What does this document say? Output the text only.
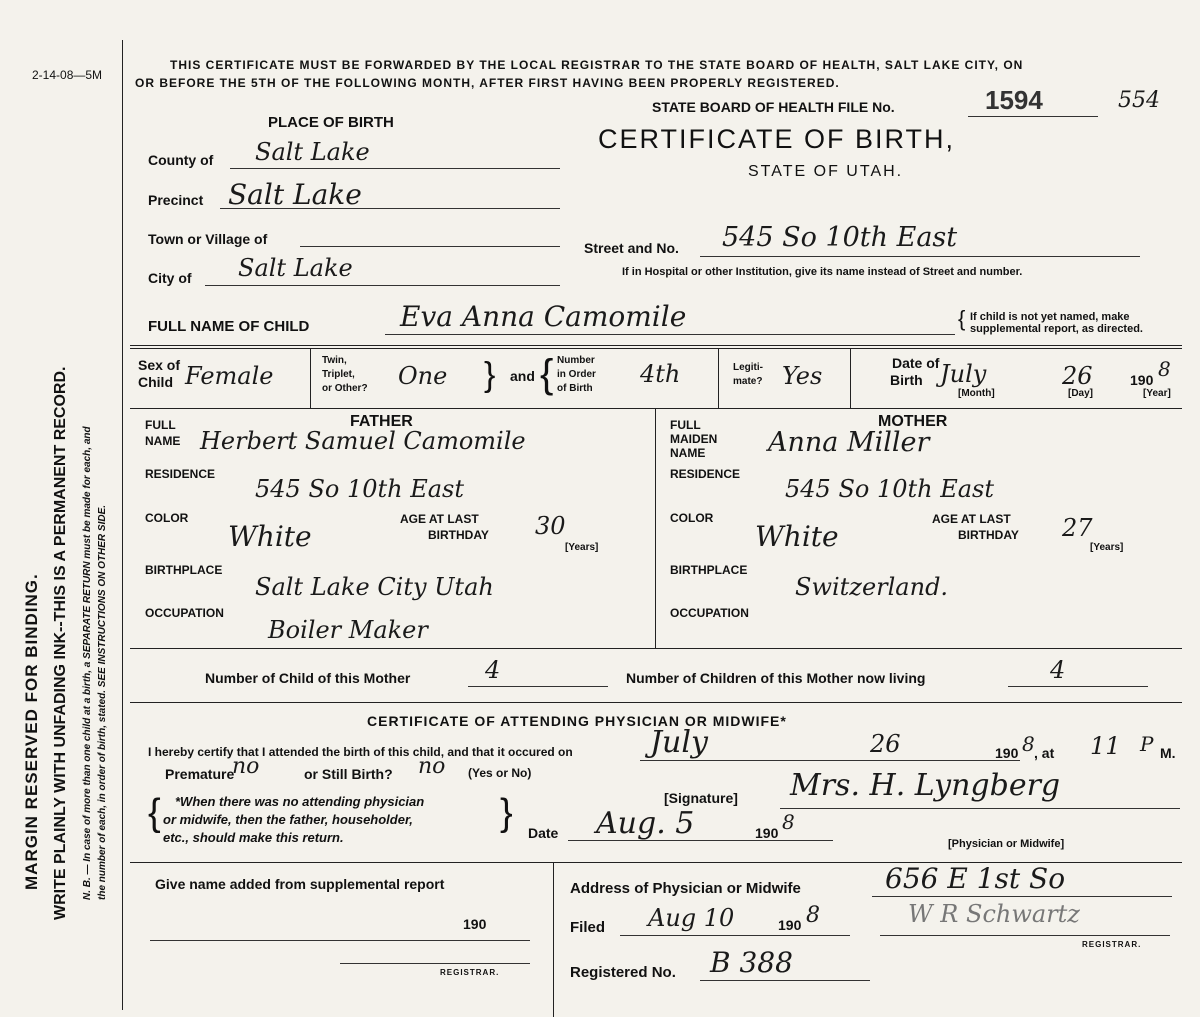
2-14-08—5M
MARGIN RESERVED FOR BINDING. WRITE PLAINLY WITH UNFADING INK--THIS IS A PERMANENT RECORD. N. B. — In case of more than one child at a birth, a SEPARATE RETURN must be made for each, and the number of each, in order of birth, stated. SEE INSTRUCTIONS ON OTHER SIDE.
THIS CERTIFICATE MUST BE FORWARDED BY THE LOCAL REGISTRAR TO THE STATE BOARD OF HEALTH, SALT LAKE CITY, ON
OR BEFORE THE 5TH OF THE FOLLOWING MONTH, AFTER FIRST HAVING BEEN PROPERLY REGISTERED.
STATE BOARD OF HEALTH FILE No.	1594	554
CERTIFICATE OF BIRTH,
STATE OF UTAH.
PLACE OF BIRTH
County of Salt Lake
Precinct Salt Lake
Town or Village of
City of Salt Lake
Street and No. 545 So 10th East
If in Hospital or other Institution, give its name instead of Street and number.
FULL NAME OF CHILD	Eva Anna Camomile	{ If child is not yet named, make
supplemental report, as directed.
Sex of
Child Female
Twin,
Triplet,
or Other? One } and { Number
in Order
of Birth
4th	Legiti-
mate? Yes	Date of
Birth July	26	190 8
[Month]	[Day]	[Year]
FATHER
FULL
NAME Herbert Samuel Camomile
RESIDENCE
545 So 10th East
COLOR
White
AGE AT LAST
BIRTHDAY 30
[Years]
BIRTHPLACE
Salt Lake City Utah
OCCUPATION
Boiler Maker
MOTHER
FULL
MAIDEN
NAME Anna Miller
RESIDENCE
545 So 10th East
COLOR
White
AGE AT LAST
BIRTHDAY 27
[Years]
BIRTHPLACE
Switzerland.
OCCUPATION
Number of Child of this Mother	4	Number of Children of this Mother now living	4
CERTIFICATE OF ATTENDING PHYSICIAN OR MIDWIFE*
I hereby certify that I attended the birth of this child, and that it occured on	July	26	190 8 , at 11 P M.
Premature
no	or Still Birth? no (Yes or No)
{ *When there was no attending physician
or midwife, then the father, householder,
etc., should make this return.
}	[Signature] Mrs. H. Lyngberg
Date Aug. 5	190 8
[Physician or Midwife]
Give name added from supplemental report
190
REGISTRAR.
Address of Physician or Midwife	656 E 1st So
Filed Aug 10	190 8	W R Schwartz
REGISTRAR.
Registered No. B 388
